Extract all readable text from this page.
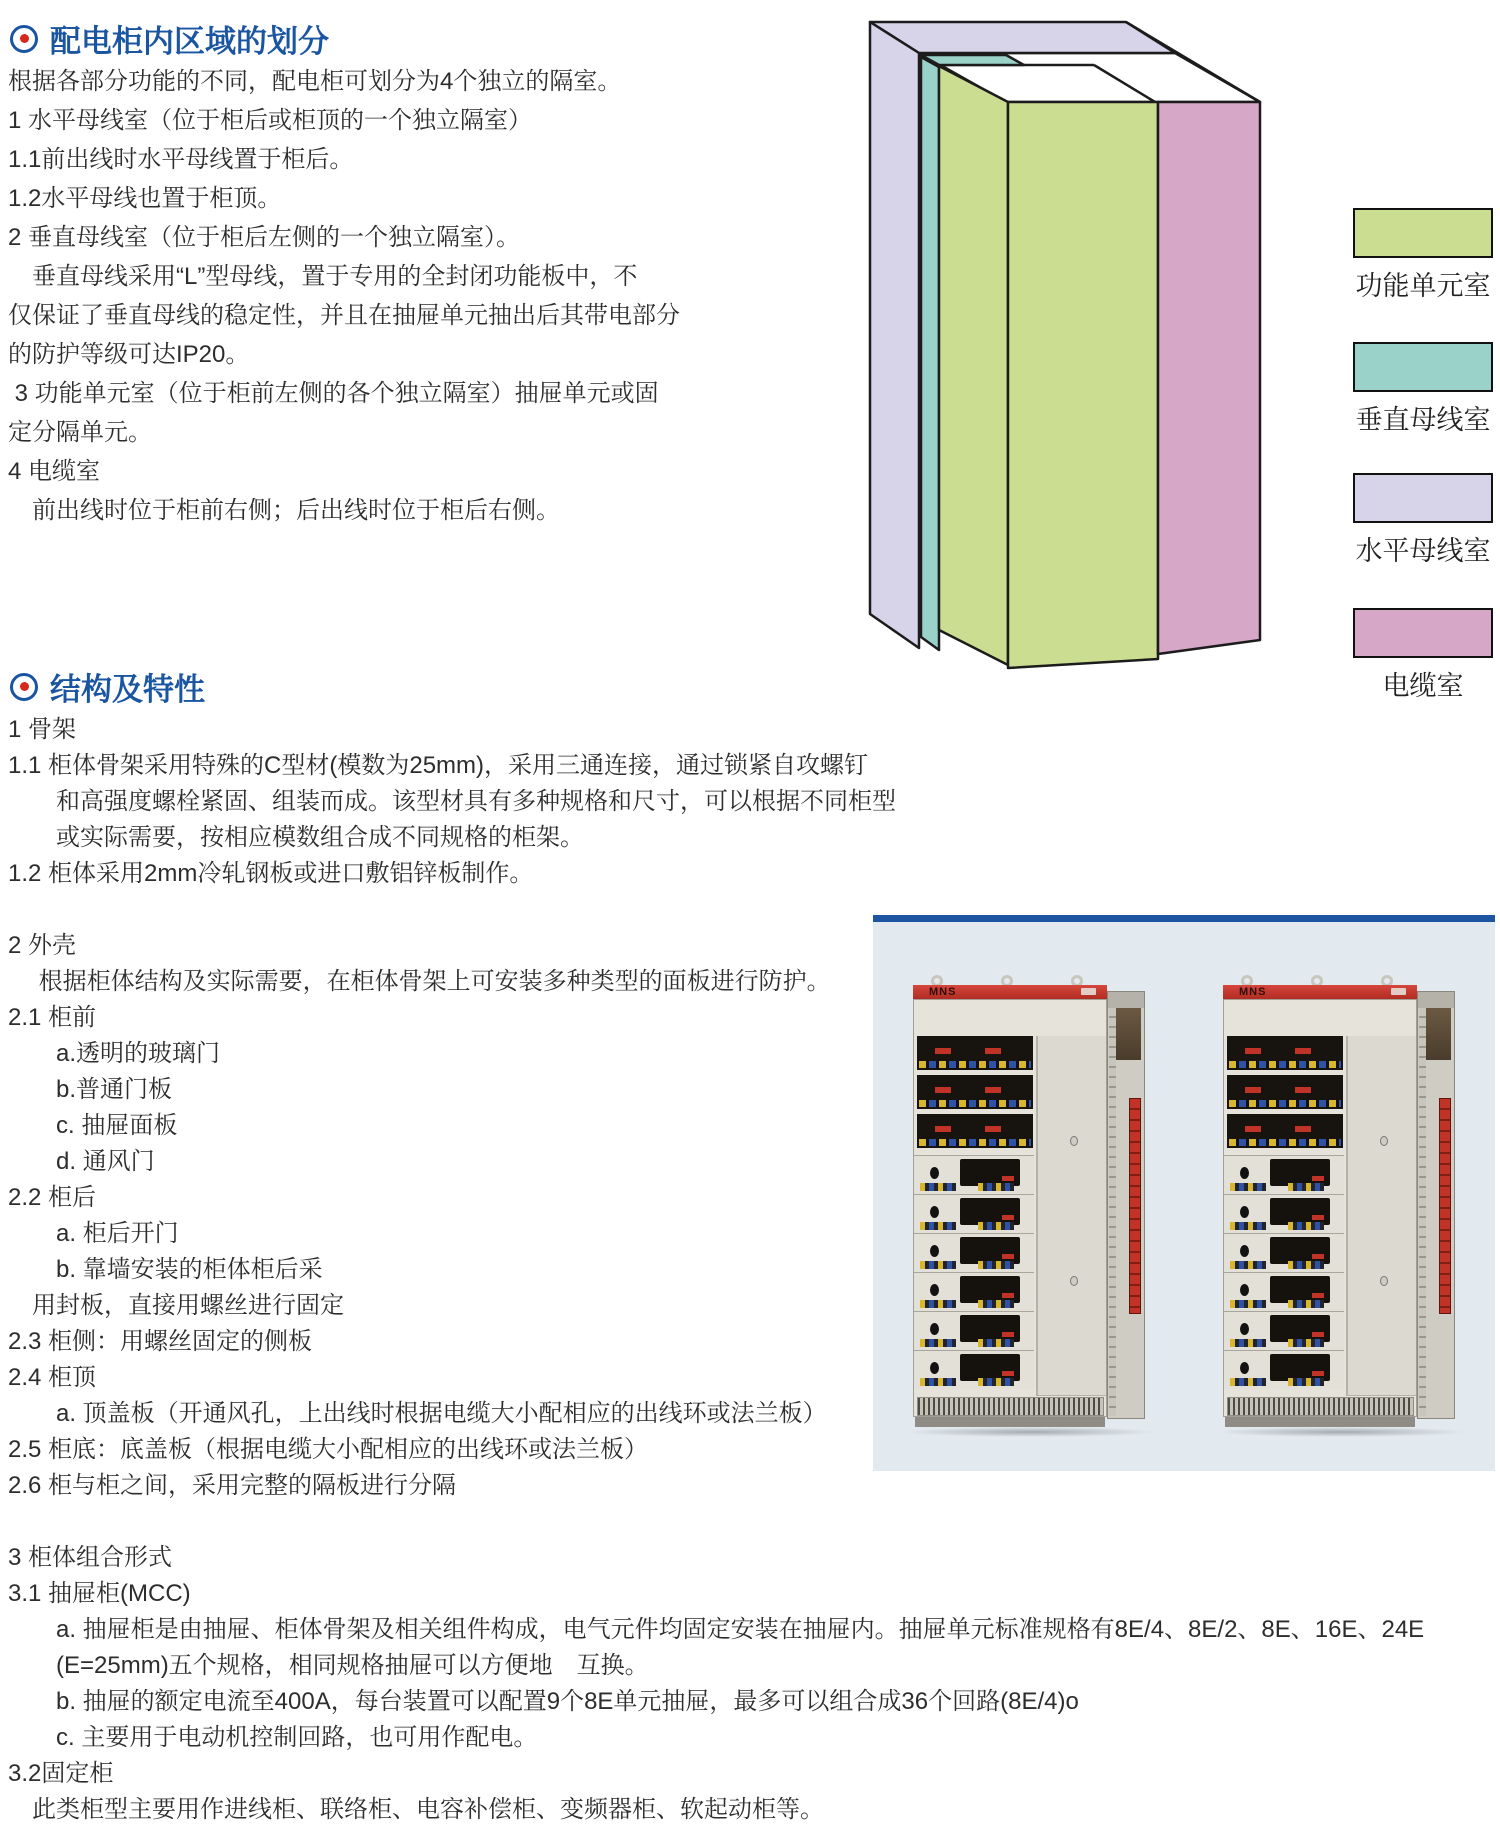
配电柜内区域的划分
根据各部分功能的不同，配电柜可划分为4个独立的隔室。
1 水平母线室（位于柜后或柜顶的一个独立隔室）
1.1前出线时水平母线置于柜后。
1.2水平母线也置于柜顶。
2 垂直母线室（位于柜后左侧的一个独立隔室）。
　垂直母线采用“L”型母线，置于专用的全封闭功能板中，不
仅保证了垂直母线的稳定性，并且在抽屉单元抽出后其带电部分
的防护等级可达IP20。
3 功能单元室（位于柜前左侧的各个独立隔室）抽屉单元或固
定分隔单元。
4 电缆室
　前出线时位于柜前右侧；后出线时位于柜后右侧。
功能单元室
垂直母线室
水平母线室
电缆室
结构及特性
1 骨架
1.1 柜体骨架采用特殊的C型材(模数为25mm)，采用三通连接，通过锁紧自攻螺钉
　　和高强度螺栓紧固、组装而成。该型材具有多种规格和尺寸，可以根据不同柜型
　　或实际需要，按相应模数组合成不同规格的柜架。
1.2 柜体采用2mm冷轧钢板或进口敷铝锌板制作。
2 外壳
　 根据柜体结构及实际需要，在柜体骨架上可安装多种类型的面板进行防护。
2.1 柜前
　　a.透明的玻璃门
　　b.普通门板
　　c. 抽屉面板
　　d. 通风门
2.2 柜后
　　a. 柜后开门
　　b. 靠墙安装的柜体柜后采
　用封板，直接用螺丝进行固定
2.3 柜侧：用螺丝固定的侧板
2.4 柜顶
　　a. 顶盖板（开通风孔，上出线时根据电缆大小配相应的出线环或法兰板）
2.5 柜底：底盖板（根据电缆大小配相应的出线环或法兰板）
2.6 柜与柜之间，采用完整的隔板进行分隔
3 柜体组合形式
3.1 抽屉柜(MCC)
　　a. 抽屉柜是由抽屉、柜体骨架及相关组件构成，电气元件均固定安装在抽屉内。抽屉单元标准规格有8E/4、8E/2、8E、16E、24E
　　(E=25mm)五个规格，相同规格抽屉可以方便地　互换。
　　b. 抽屉的额定电流至400A，每台装置可以配置9个8E单元抽屉，最多可以组合成36个回路(8E/4)o
　　c. 主要用于电动机控制回路，也可用作配电。
3.2固定柜
　此类柜型主要用作进线柜、联络柜、电容补偿柜、变频器柜、软起动柜等。
MNS	MNS
